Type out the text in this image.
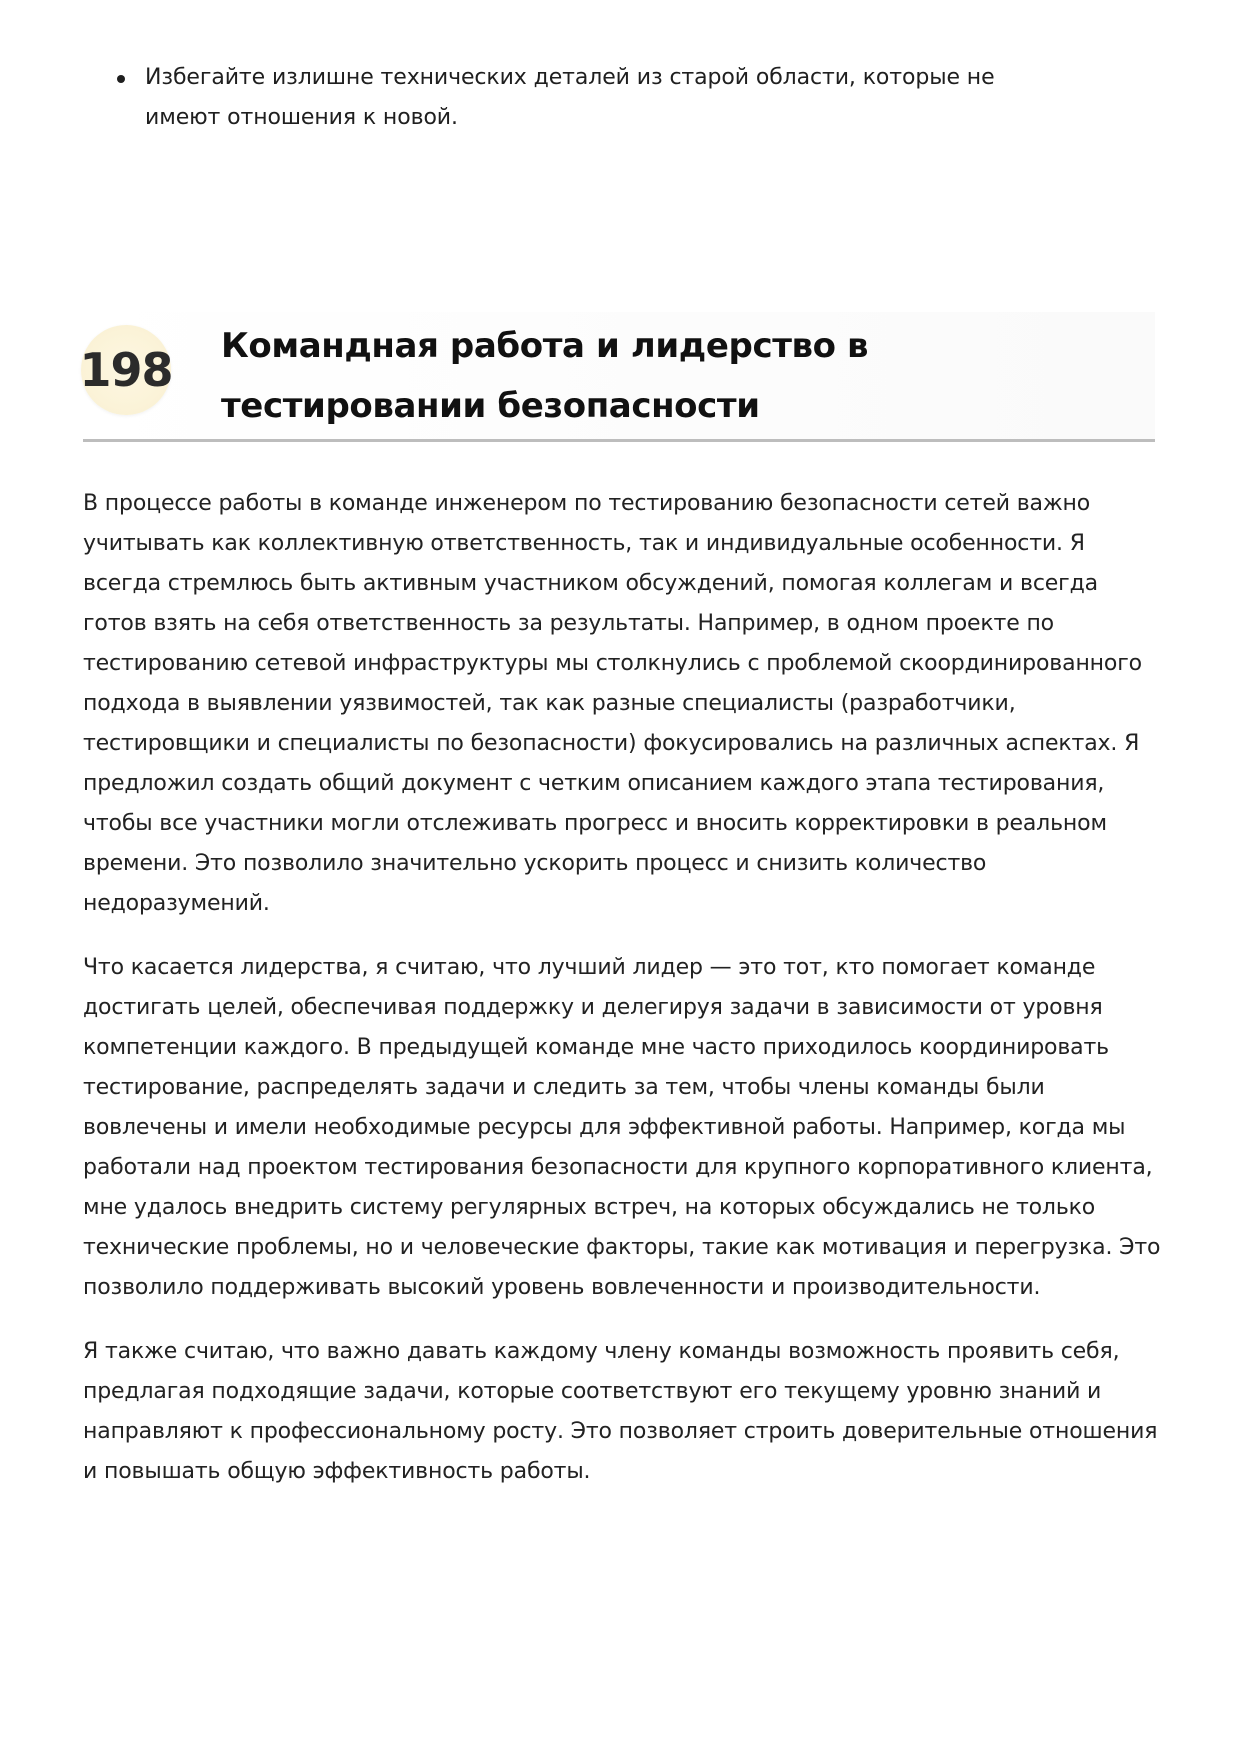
Избегайте излишне технических деталей из старой области, которые не имеют отношения к новой.
198 Командная работа и лидерство в тестировании безопасности

В процессе работы в команде инженером по тестированию безопасности сетей важно учитывать как коллективную ответственность, так и индивидуальные особенности. Я всегда стремлюсь быть активным участником обсуждений, помогая коллегам и всегда готов взять на себя ответственность за результаты. Например, в одном проекте по тестированию сетевой инфраструктуры мы столкнулись с проблемой скоординированного подхода в выявлении уязвимостей, так как разные специалисты (разработчики, тестировщики и специалисты по безопасности) фокусировались на различных аспектах. Я предложил создать общий документ с четким описанием каждого этапа тестирования, чтобы все участники могли отслеживать прогресс и вносить корректировки в реальном времени. Это позволило значительно ускорить процесс и снизить количество недоразумений.

Что касается лидерства, я считаю, что лучший лидер — это тот, кто помогает команде достигать целей, обеспечивая поддержку и делегируя задачи в зависимости от уровня компетенции каждого. В предыдущей команде мне часто приходилось координировать тестирование, распределять задачи и следить за тем, чтобы члены команды были вовлечены и имели необходимые ресурсы для эффективной работы. Например, когда мы работали над проектом тестирования безопасности для крупного корпоративного клиента, мне удалось внедрить систему регулярных встреч, на которых обсуждались не только технические проблемы, но и человеческие факторы, такие как мотивация и перегрузка. Это позволило поддерживать высокий уровень вовлеченности и производительности.

Я также считаю, что важно давать каждому члену команды возможность проявить себя, предлагая подходящие задачи, которые соответствуют его текущему уровню знаний и направляют к профессиональному росту. Это позволяет строить доверительные отношения и повышать общую эффективность работы.
